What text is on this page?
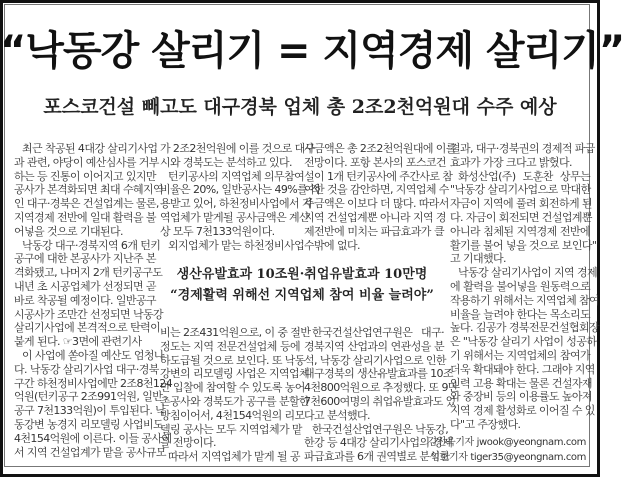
“낙동강 살리기 = 지역경제 살리기”
포스코건설 빼고도 대구경북 업체 총 2조2천억원대 수주 예상
최근 착공된 4대강 살리기사업
과 관련, 야당이 예산심사를 거부
하는 등 진통이 이어지고 있지만
공사가 본격화되면 최대 수혜지역
인 대구·경북은 건설업계는 물론,
지역경제 전반에 일대 활력을 불
어넣을 것으로 기대된다.
낙동강 대구·경북지역 6개 턴키
공구에 대한 본공사가 지난주 본
격화됐고, 나머지 2개 턴키공구도
내년 초 시공업체가 선정되면 곧
바로 착공될 예정이다. 일반공구
시공사가 조만간 선정되면 낙동강
살리기사업에 본격적으로 탄력이
붙게 된다. ☞3면에 관련기사
이 사업에 쏟아질 예산도 엄청나
다. 낙동강 살리기사업 대구·경북
구간 하천정비사업에만 2조8천124
억원(턴키공구 2조991억원, 일반
공구 7천133억원)이 투입된다. 낙
동강변 농경지 리모델링 사업비도
4천154억원에 이른다. 이들 공사에
서 지역 건설업계가 맡을 공사규모
가 2조2천억원에 이를 것으로 대구
시와 경북도는 분석하고 있다.
턴키공사의 지역업체 의무참여
비율은 20%, 일반공사는 49%를 적
용받고 있어, 하천정비사업에서 지
역업체가 맡게될 공사금액은 계산
상 모두 7천133억원이다.
외지업체가 맡는 하천정비사업
사금액은 총 2조2천억원대에 이를
전망이다. 포항 본사의 포스코건
설이 1개 턴키공사에 주간사로 참
여한 것을 감안하면, 지역업체 수
주금액은 이보다 더 많다. 따라서
지역 건설업계뿐 아니라 지역 경
제전반에 미치는 파급효과가 클
수밖에 없다.
결과, 대구·경북권의 경제적 파급
효과가 가장 크다고 밝혔다.
화성산업(주) 도훈찬 상무는
"낙동강 살리기사업으로 막대한
자금이 지역에 풀려 회전하게 된
다. 자금이 회전되면 건설업계뿐
아니라 침체된 지역경제 전반에
활기를 불어 넣을 것으로 보인다"
고 기대했다.
낙동강 살리기사업이 지역 경제
에 활력을 불어넣을 원동력으로
작용하기 위해서는 지역업체 참여
비율을 늘려야 한다는 목소리도
높다. 김공가 경북전문건설협회장
은 "낙동강 살리기 사업이 성공하
기 위해서는 지역업체의 참여가
더욱 확대돼야 한다. 그래야 지역
인력 고용 확대는 물론 건설자재
와 중장비 등의 이용률도 높아져
지역 경제 활성화로 이어질 수 있
다"고 주장했다.
생산유발효과 10조원·취업유발효과 10만명
“경제활력 위해선 지역업체 참여 비율 늘려야”
비는 2조431억원으로, 이 중 절반
정도는 지역 전문건설업체 등에
하도급될 것으로 보인다. 또 낙동
강변의 리모델링 사업은 지역업체
만 입찰에 참여할 수 있도록 농어
촌공사와 경북도가 공구를 분할한
방침이어서, 4천154억원의 리모
델링 공사는 모두 지역업체가 맡
을 전망이다.
따라서 지역업체가 맡게 될 공
한국건설산업연구원은 대구·
경북지역 산업과의 연관성을 분
석, 낙동강 살리기사업으로 인한
대구경북의 생산유발효과를 10조
4천800억원으로 추정했다. 또 9만
7천600여명의 취업유발효과도 있
다고 분석했다.
한국건설산업연구원은 낙동강,
한강 등 4대강 살리기사업의 경제
파급효과를 6개 권역별로 분석한
김진욱기자 jwook@yeongnam.com
임호기자 tiger35@yeongnam.com
